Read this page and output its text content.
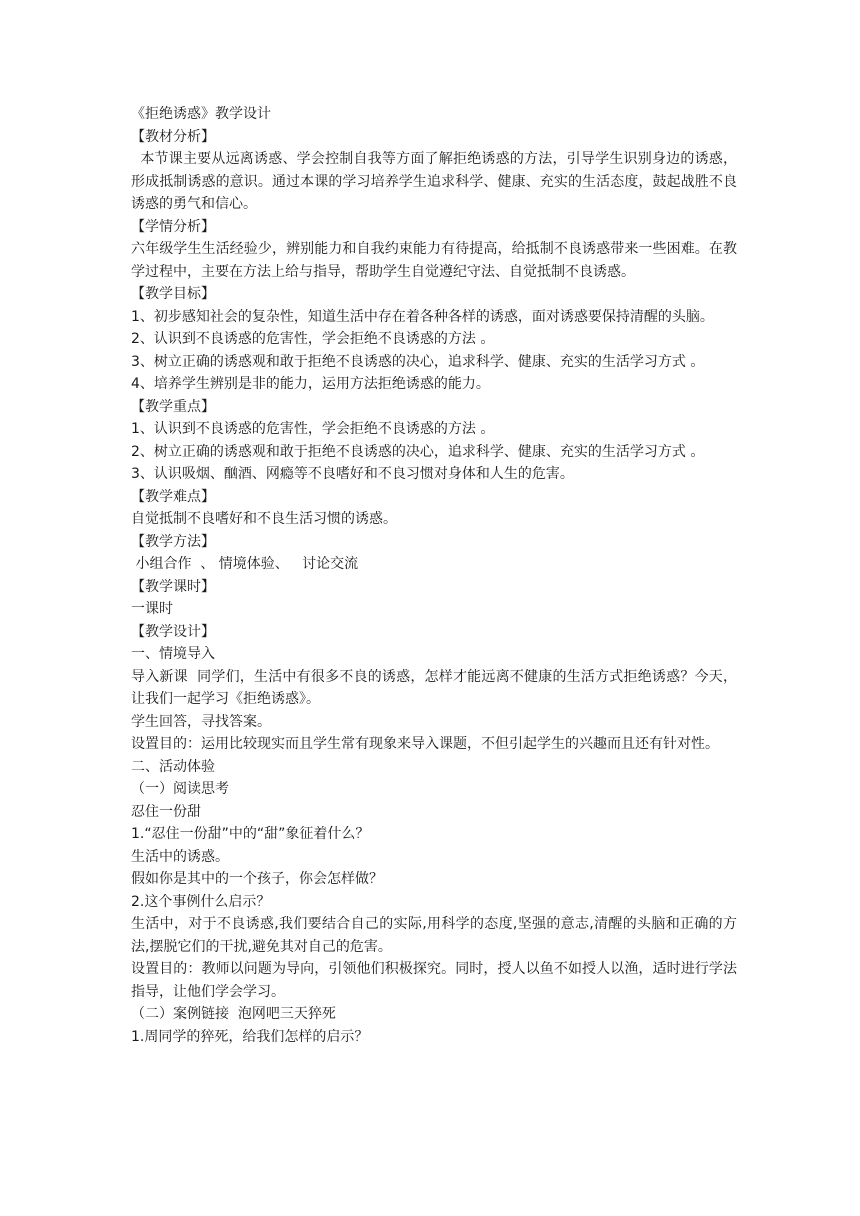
《拒绝诱惑》教学设计

【教材分析】

本节课主要从远离诱惑、学会控制自我等方面了解拒绝诱惑的方法，引导学生识别身边的诱惑，形成抵制诱惑的意识。通过本课的学习培养学生追求科学、健康、充实的生活态度，鼓起战胜不良诱惑的勇气和信心。

【学情分析】

六年级学生生活经验少，辨别能力和自我约束能力有待提高，给抵制不良诱惑带来一些困难。在教学过程中，主要在方法上给与指导，帮助学生自觉遵纪守法、自觉抵制不良诱惑。

【教学目标】

1、初步感知社会的复杂性，知道生活中存在着各种各样的诱惑，面对诱惑要保持清醒的头脑。

2、认识到不良诱惑的危害性，学会拒绝不良诱惑的方法 。

3、树立正确的诱惑观和敢于拒绝不良诱惑的决心，追求科学、健康、充实的生活学习方式 。

4、培养学生辨别是非的能力，运用方法拒绝诱惑的能力。

【教学重点】

1、认识到不良诱惑的危害性，学会拒绝不良诱惑的方法 。

2、树立正确的诱惑观和敢于拒绝不良诱惑的决心，追求科学、健康、充实的生活学习方式 。

3、认识吸烟、酗酒、网瘾等不良嗜好和不良习惯对身体和人生的危害。

【教学难点】

自觉抵制不良嗜好和不良生活习惯的诱惑。

【教学方法】

小组合作  、 情境体验、   讨论交流

【教学课时】

一课时

【教学设计】

一、情境导入

导入新课  同学们，生活中有很多不良的诱惑，怎样才能远离不健康的生活方式拒绝诱惑？今天，让我们一起学习《拒绝诱惑》。

学生回答，寻找答案。

设置目的：运用比较现实而且学生常有现象来导入课题，不但引起学生的兴趣而且还有针对性。

二、活动体验

（一）阅读思考

忍住一份甜

1.“忍住一份甜”中的“甜”象征着什么？

生活中的诱惑。

假如你是其中的一个孩子，你会怎样做？

2.这个事例什么启示？

生活中，对于不良诱惑,我们要结合自己的实际,用科学的态度,坚强的意志,清醒的头脑和正确的方法,摆脱它们的干扰,避免其对自己的危害。

设置目的：教师以问题为导向，引领他们积极探究。同时，授人以鱼不如授人以渔，适时进行学法指导，让他们学会学习。

（二）案例链接  泡网吧三天猝死

1.周同学的猝死，给我们怎样的启示？
